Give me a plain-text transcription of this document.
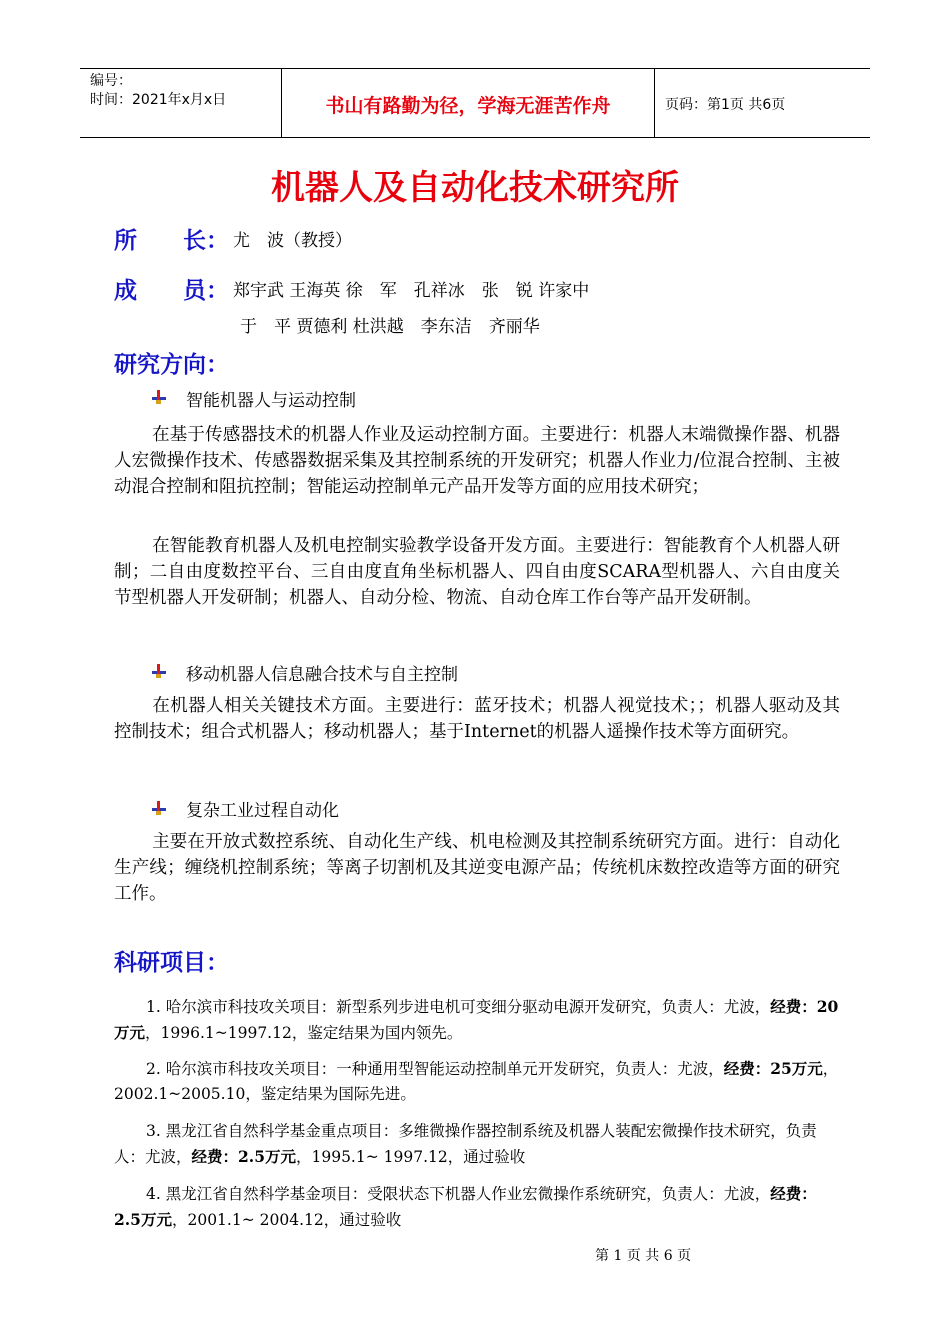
编号：
时间：2021年x月x日	书山有路勤为径，学海无涯苦作舟	页码：第1页 共6页
机器人及自动化技术研究所
所　　长： 尤　波（教授）
成　　员： 郑宇武 王海英 徐　军　孔祥冰　张　锐 许家中
于　平 贾德利 杜洪越　李东洁　齐丽华
研究方向：
智能机器人与运动控制
在基于传感器技术的机器人作业及运动控制方面。主要进行：机器人末端微操作器、机器人宏微操作技术、传感器数据采集及其控制系统的开发研究；机器人作业力/位混合控制、主被动混合控制和阻抗控制；智能运动控制单元产品开发等方面的应用技术研究；
在智能教育机器人及机电控制实验教学设备开发方面。主要进行：智能教育个人机器人研制；二自由度数控平台、三自由度直角坐标机器人、四自由度SCARA型机器人、六自由度关节型机器人开发研制；机器人、自动分检、物流、自动仓库工作台等产品开发研制。
移动机器人信息融合技术与自主控制
在机器人相关关键技术方面。主要进行：蓝牙技术；机器人视觉技术；；机器人驱动及其控制技术；组合式机器人；移动机器人；基于Internet的机器人遥操作技术等方面研究。
复杂工业过程自动化
主要在开放式数控系统、自动化生产线、机电检测及其控制系统研究方面。进行：自动化生产线；缠绕机控制系统；等离子切割机及其逆变电源产品；传统机床数控改造等方面的研究工作。
科研项目：
1. 哈尔滨市科技攻关项目：新型系列步进电机可变细分驱动电源开发研究，负责人：尤波，经费：20万元，1996.1~1997.12，鉴定结果为国内领先。
2. 哈尔滨市科技攻关项目：一种通用型智能运动控制单元开发研究，负责人：尤波，经费：25万元， 2002.1~2005.10，鉴定结果为国际先进。
3. 黑龙江省自然科学基金重点项目：多维微操作器控制系统及机器人装配宏微操作技术研究，负责人：尤波，经费：2.5万元，1995.1~ 1997.12，通过验收
4. 黑龙江省自然科学基金项目：受限状态下机器人作业宏微操作系统研究，负责人：尤波，经费：2.5万元，2001.1~ 2004.12，通过验收
第 1 页 共 6 页
